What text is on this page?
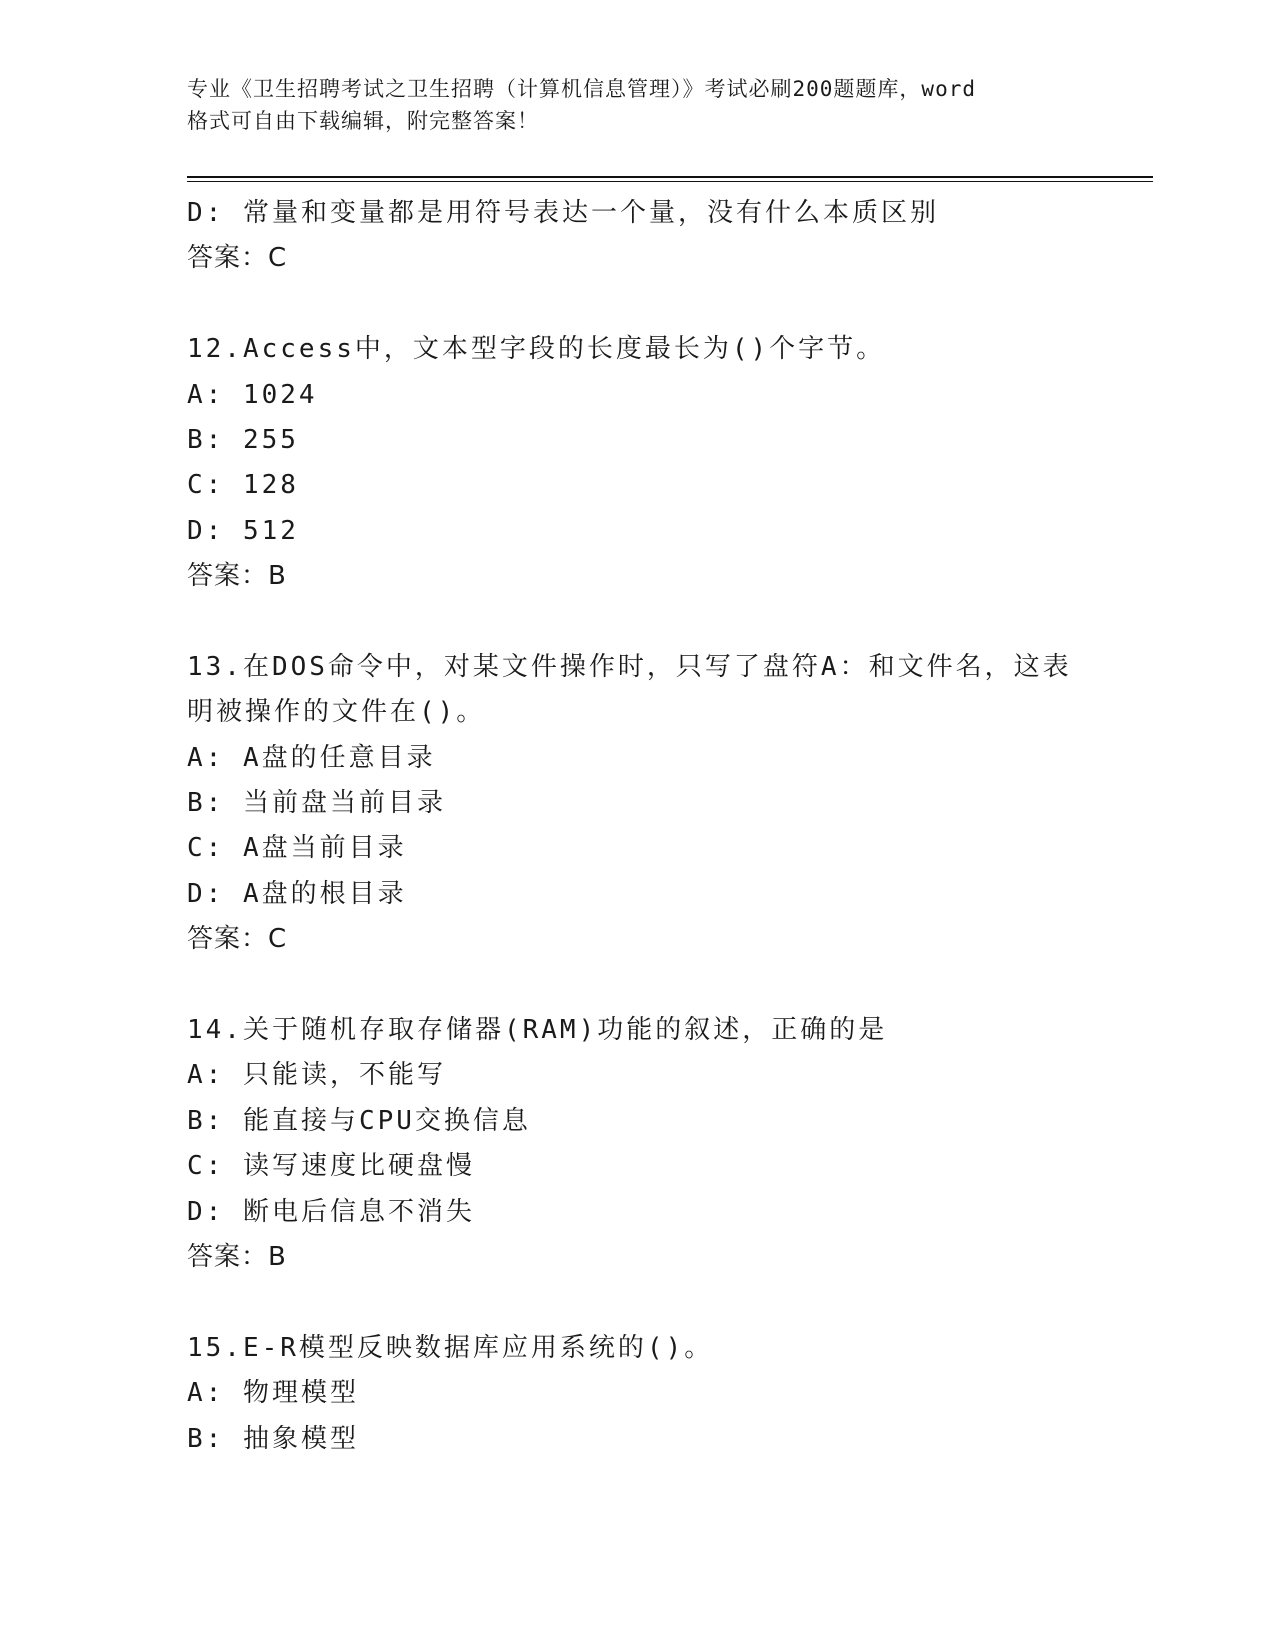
专业《卫生招聘考试之卫生招聘（计算机信息管理）》考试必刷200题题库，word
格式可自由下载编辑，附完整答案！
D: 常量和变量都是用符号表达一个量，没有什么本质区别
答案：C
12.Access中，文本型字段的长度最长为()个字节。
A: 1024
B: 255
C: 128
D: 512
答案：B
13.在DOS命令中，对某文件操作时，只写了盘符A：和文件名，这表
明被操作的文件在()。
A: A盘的任意目录
B: 当前盘当前目录
C: A盘当前目录
D: A盘的根目录
答案：C
14.关于随机存取存储器(RAM)功能的叙述，正确的是
A: 只能读，不能写
B: 能直接与CPU交换信息
C: 读写速度比硬盘慢
D: 断电后信息不消失
答案：B
15.E-R模型反映数据库应用系统的()。
A: 物理模型
B: 抽象模型
